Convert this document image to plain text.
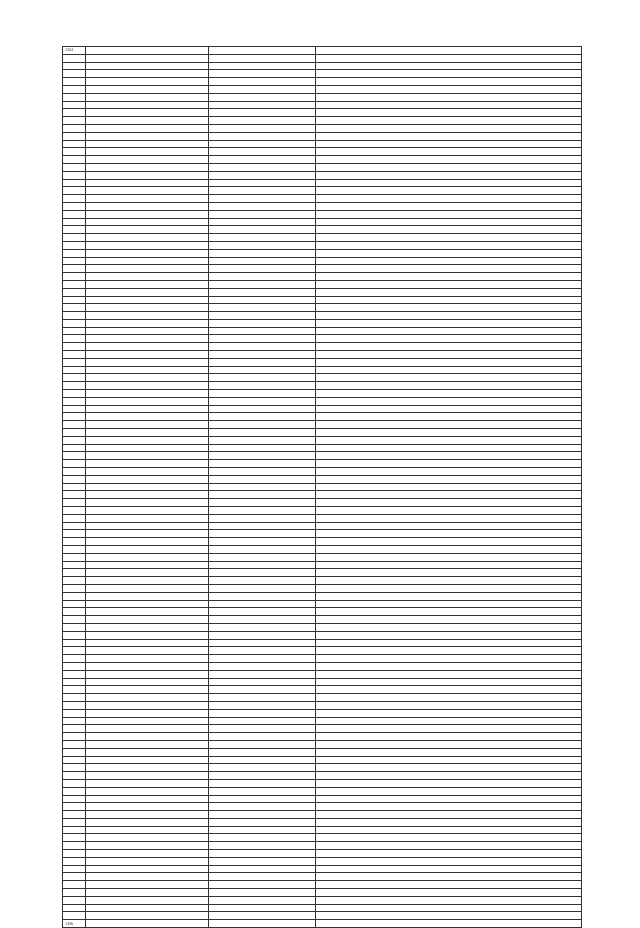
1324			

1436			
